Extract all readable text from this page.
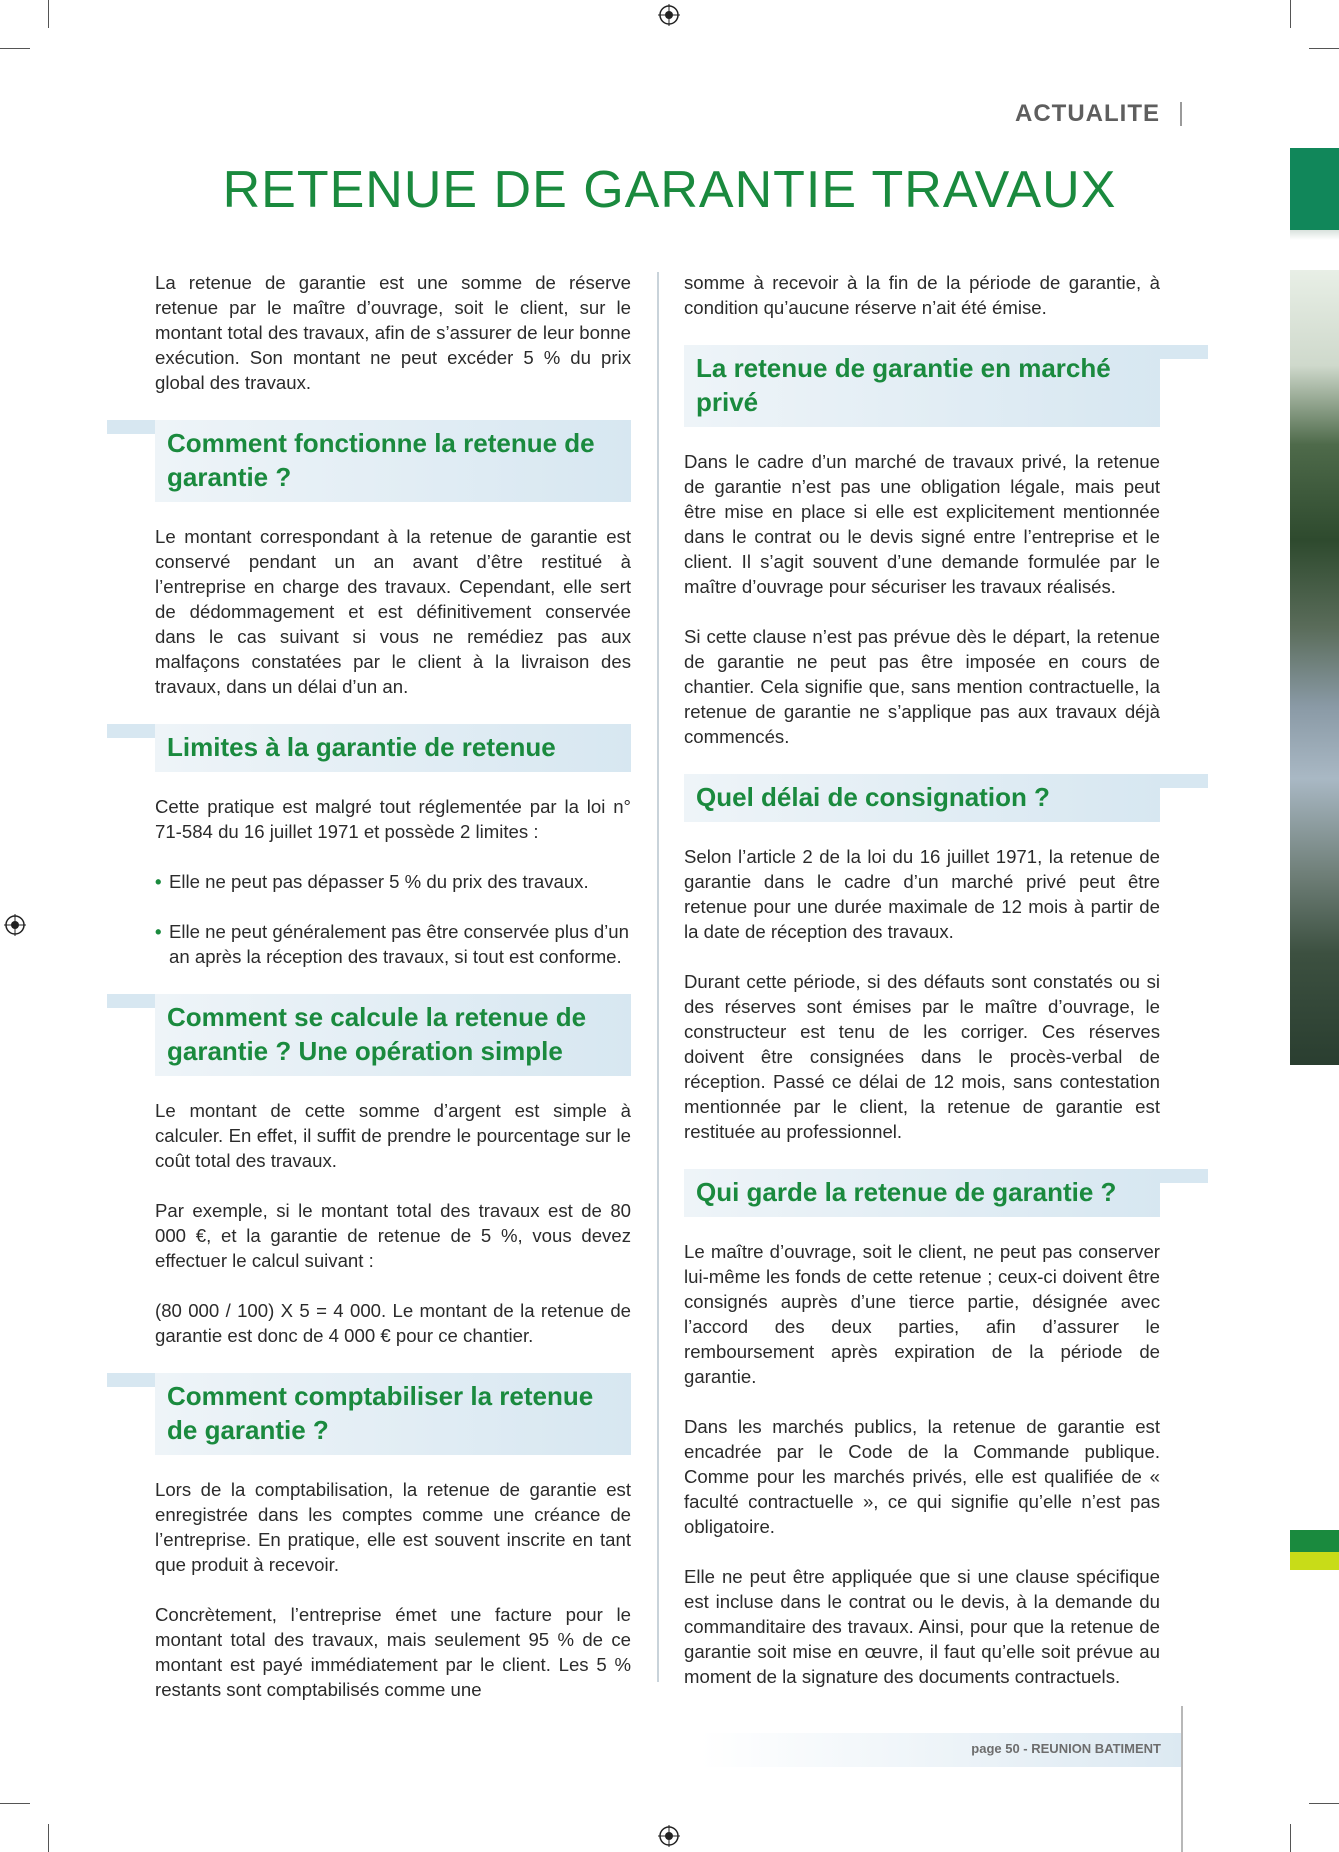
ACTUALITE
RETENUE DE GARANTIE TRAVAUX

La retenue de garantie est une somme de réserve retenue par le maître d’ouvrage, soit le client, sur le montant total des travaux, afin de s’assurer de leur bonne exécution. Son montant ne peut excéder 5 % du prix global des travaux.

Comment fonctionne la retenue de garantie ?

Le montant correspondant à la retenue de garantie est conservé pendant un an avant d’être restitué à l’entreprise en charge des travaux. Cependant, elle sert de dédommagement et est définitivement conservée dans le cas suivant si vous ne remédiez pas aux malfaçons constatées par le client à la livraison des travaux, dans un délai d’un an.

Limites à la garantie de retenue

Cette pratique est malgré tout réglementée par la loi n° 71-584 du 16 juillet 1971 et possède 2 limites :

• Elle ne peut pas dépasser 5 % du prix des travaux.
• Elle ne peut généralement pas être conservée plus d’un an après la réception des travaux, si tout est conforme.
Comment se calcule la retenue de garantie ? Une opération simple

Le montant de cette somme d’argent est simple à calculer. En effet, il suffit de prendre le pourcentage sur le coût total des travaux.

Par exemple, si le montant total des travaux est de 80 000 €, et la garantie de retenue de 5 %, vous devez effectuer le calcul suivant :

(80 000 / 100) X 5 = 4 000. Le montant de la retenue de garantie est donc de 4 000 € pour ce chantier.

Comment comptabiliser la retenue de garantie ?

Lors de la comptabilisation, la retenue de garantie est enregistrée dans les comptes comme une créance de l’entreprise. En pratique, elle est souvent inscrite en tant que produit à recevoir.

Concrètement, l’entreprise émet une facture pour le montant total des travaux, mais seulement 95 % de ce montant est payé immédiatement par le client. Les 5 % restants sont comptabilisés comme une

somme à recevoir à la fin de la période de garantie, à condition qu’aucune réserve n’ait été émise.

La retenue de garantie en marché privé

Dans le cadre d’un marché de travaux privé, la retenue de garantie n’est pas une obligation légale, mais peut être mise en place si elle est explicitement mentionnée dans le contrat ou le devis signé entre l’entreprise et le client. Il s’agit souvent d’une demande formulée par le maître d’ouvrage pour sécuriser les travaux réalisés.

Si cette clause n’est pas prévue dès le départ, la retenue de garantie ne peut pas être imposée en cours de chantier. Cela signifie que, sans mention contractuelle, la retenue de garantie ne s’applique pas aux travaux déjà commencés.

Quel délai de consignation ?

Selon l’article 2 de la loi du 16 juillet 1971, la retenue de garantie dans le cadre d’un marché privé peut être retenue pour une durée maximale de 12 mois à partir de la date de réception des travaux.

Durant cette période, si des défauts sont constatés ou si des réserves sont émises par le maître d’ouvrage, le constructeur est tenu de les corriger. Ces réserves doivent être consignées dans le procès-verbal de réception. Passé ce délai de 12 mois, sans contestation mentionnée par le client, la retenue de garantie est restituée au professionnel.

Qui garde la retenue de garantie ?

Le maître d’ouvrage, soit le client, ne peut pas conserver lui-même les fonds de cette retenue ; ceux-ci doivent être consignés auprès d’une tierce partie, désignée avec l’accord des deux parties, afin d’assurer le remboursement après expiration de la période de garantie.

Dans les marchés publics, la retenue de garantie est encadrée par le Code de la Commande publique. Comme pour les marchés privés, elle est qualifiée de « faculté contractuelle », ce qui signifie qu’elle n’est pas obligatoire.

Elle ne peut être appliquée que si une clause spécifique est incluse dans le contrat ou le devis, à la demande du commanditaire des travaux. Ainsi, pour que la retenue de garantie soit mise en œuvre, il faut qu’elle soit prévue au moment de la signature des documents contractuels.

page 50 - REUNION BATIMENT
